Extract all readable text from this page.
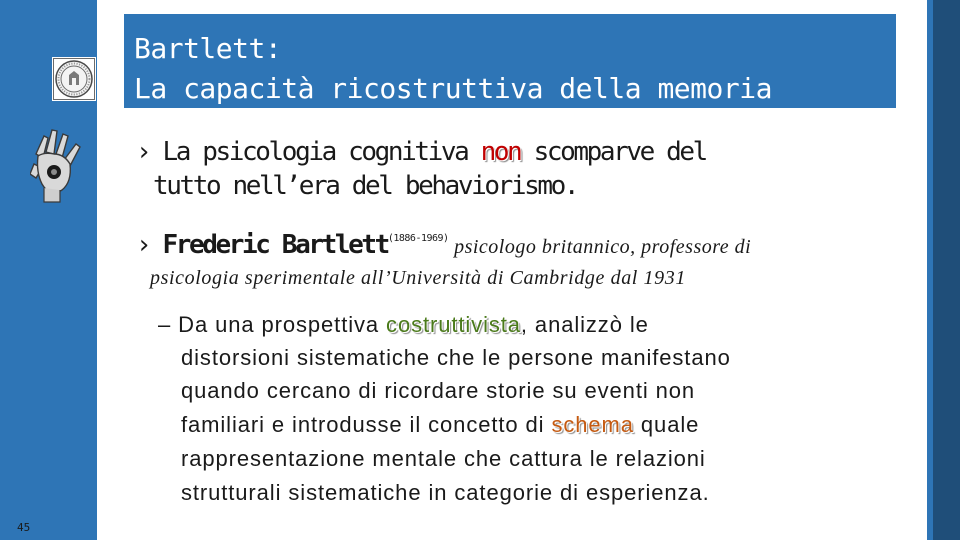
Bartlett:
La capacità ricostruttiva della memoria
› La psicologia cognitiva non scomparve del
tutto nell’era del behaviorismo.
› Frederic Bartlett$^{(1886-1969)}$ psicologo britannico, professore di
psicologia sperimentale all’Università di Cambridge dal 1931
– Da una prospettiva costruttivista, analizzò le
distorsioni sistematiche che le persone manifestano
quando cercano di ricordare storie su eventi non
familiari e introdusse il concetto di schema quale
rappresentazione mentale che cattura le relazioni
strutturali sistematiche in categorie di esperienza.
45
